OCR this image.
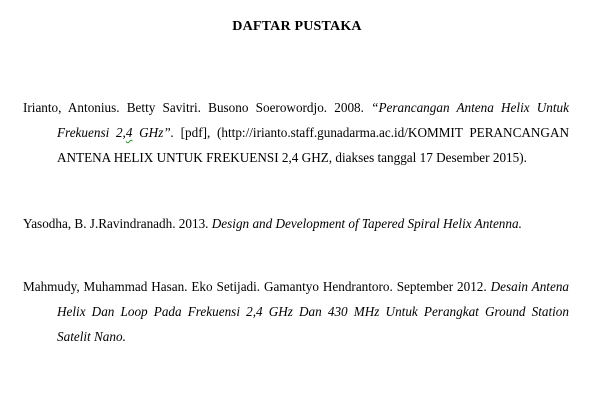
DAFTAR PUSTAKA
Irianto, Antonius. Betty Savitri. Busono Soerowordjo. 2008. “Perancangan Antena Helix Untuk Frekuensi 2,4 GHz”. [pdf], (http://irianto.staff.gunadarma.ac.id/KOMMIT PERANCANGAN ANTENA HELIX UNTUK FREKUENSI 2,4 GHZ, diakses tanggal 17 Desember 2015).
Yasodha, B. J.Ravindranadh. 2013. Design and Development of Tapered Spiral Helix Antenna.
Mahmudy, Muhammad Hasan. Eko Setijadi. Gamantyo Hendrantoro. September 2012. Desain Antena Helix Dan Loop Pada Frekuensi 2,4 GHz Dan 430 MHz Untuk Perangkat Ground Station Satelit Nano.
